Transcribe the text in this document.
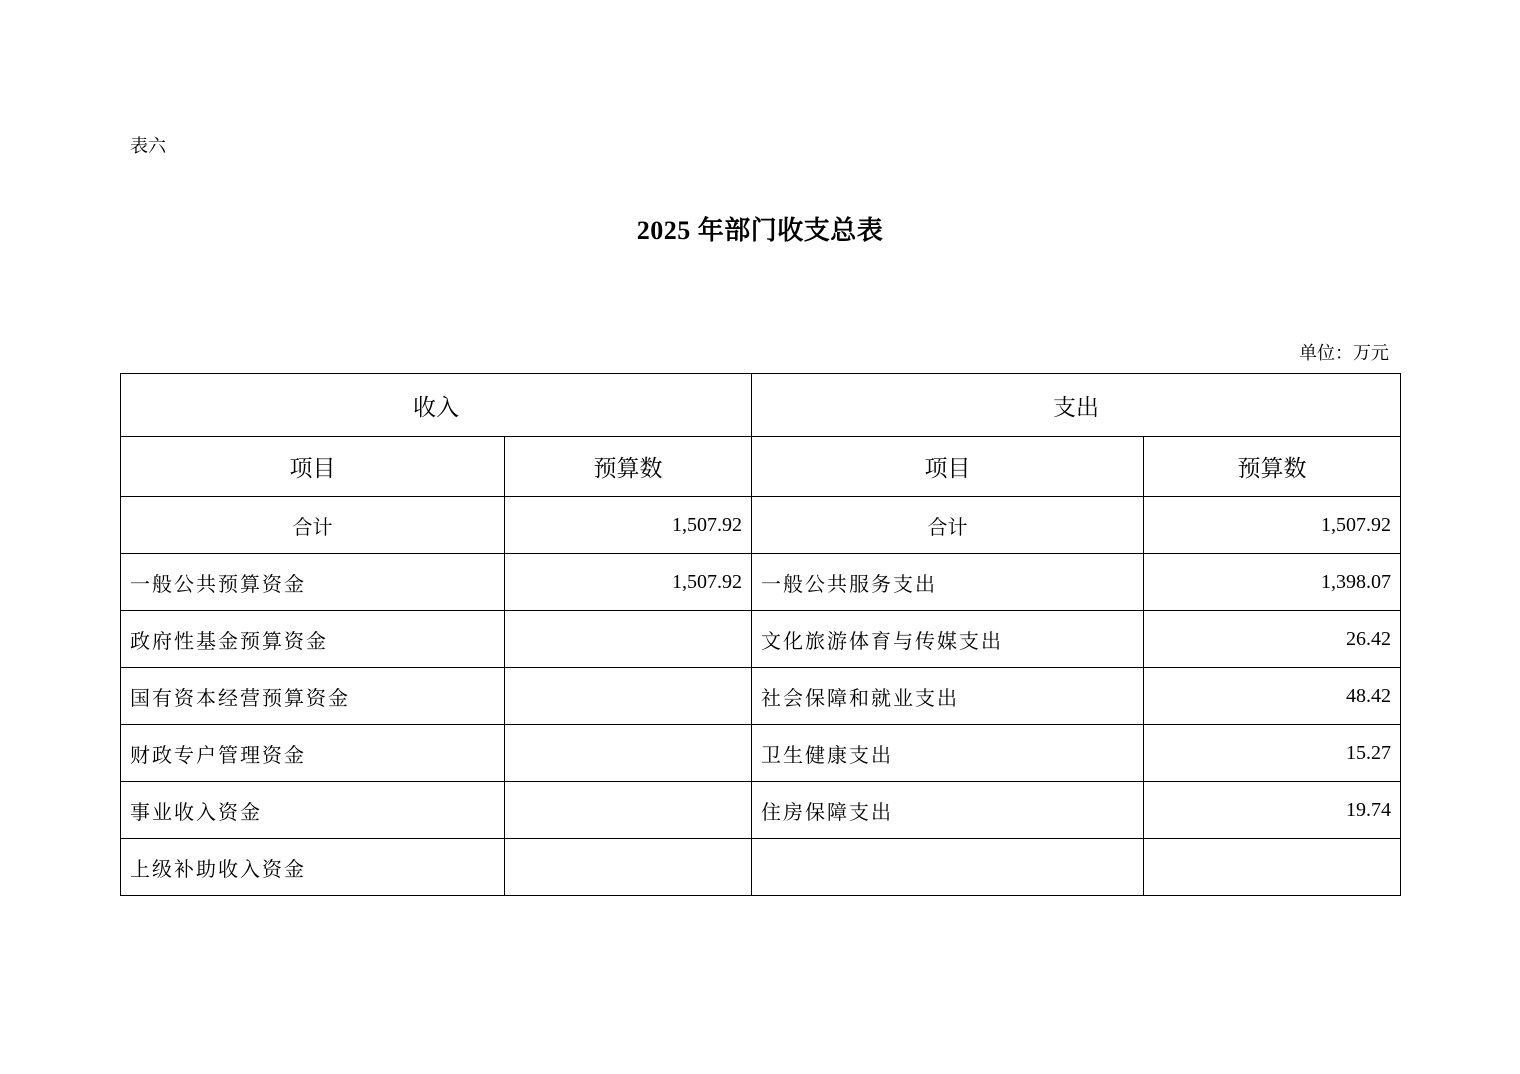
表六
2025 年部门收支总表
单位：万元
收入		支出	
项目	预算数	项目	预算数
合计	1,507.92	合计	1,507.92
一般公共预算资金	1,507.92	一般公共服务支出	1,398.07
政府性基金预算资金		文化旅游体育与传媒支出	26.42
国有资本经营预算资金		社会保障和就业支出	48.42
财政专户管理资金		卫生健康支出	15.27
事业收入资金		住房保障支出	19.74
上级补助收入资金			
